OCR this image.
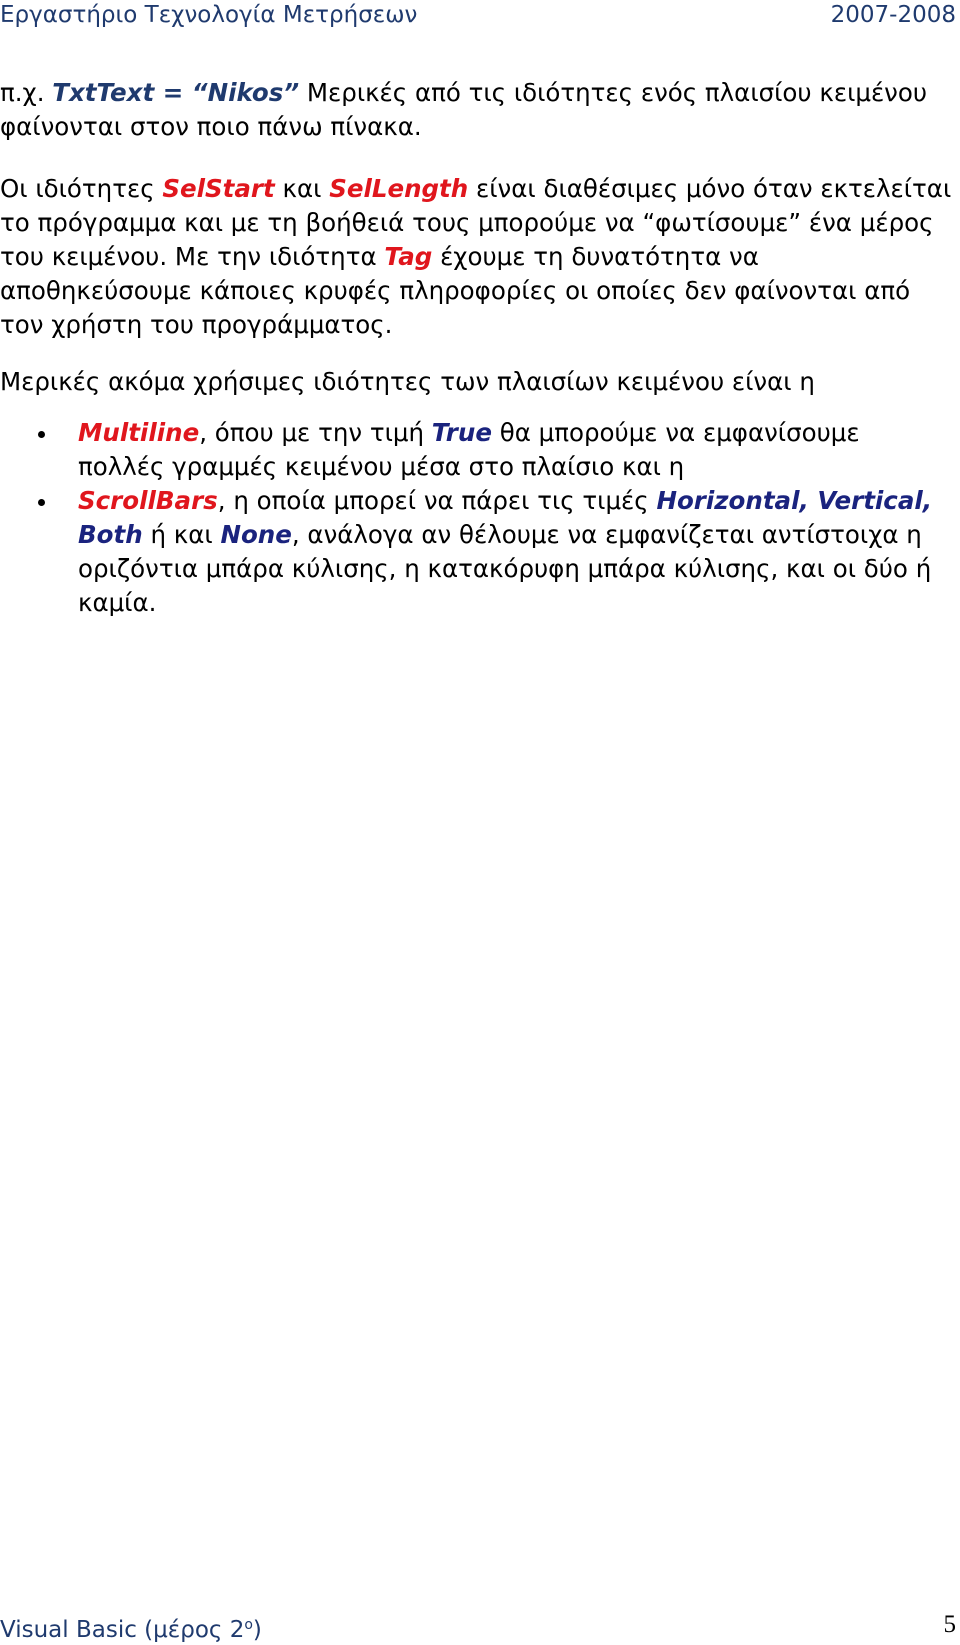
Εργαστήριο Τεχνολογία Μετρήσεων	2007-2008

π.χ. TxtText = “Nikos” Μερικές από τις ιδιότητες ενός πλαισίου κειμένου φαίνονται στον ποιο πάνω πίνακα.

Οι ιδιότητες SelStart και SelLength είναι διαθέσιμες μόνο όταν εκτελείται το πρόγραμμα και με τη βοήθειά τους μπορούμε να “φωτίσουμε” ένα μέρος του κειμένου. Με την ιδιότητα Tag έχουμε τη δυνατότητα να αποθηκεύσουμε κάποιες κρυφές πληροφορίες οι οποίες δεν φαίνονται από τον χρήστη του προγράμματος.

Μερικές ακόμα χρήσιμες ιδιότητες των πλαισίων κειμένου είναι η

Multiline, όπου με την τιμή True θα μπορούμε να εμφανίσουμε πολλές γραμμές κειμένου μέσα στο πλαίσιο και η
ScrollBars, η οποία μπορεί να πάρει τις τιμές Horizontal, Vertical, Both ή και None, ανάλογα αν θέλουμε να εμφανίζεται αντίστοιχα η οριζόντια μπάρα κύλισης, η κατακόρυφη μπάρα κύλισης, και οι δύο ή καμία.
Visual Basic (μέρος $2^o$)	5
